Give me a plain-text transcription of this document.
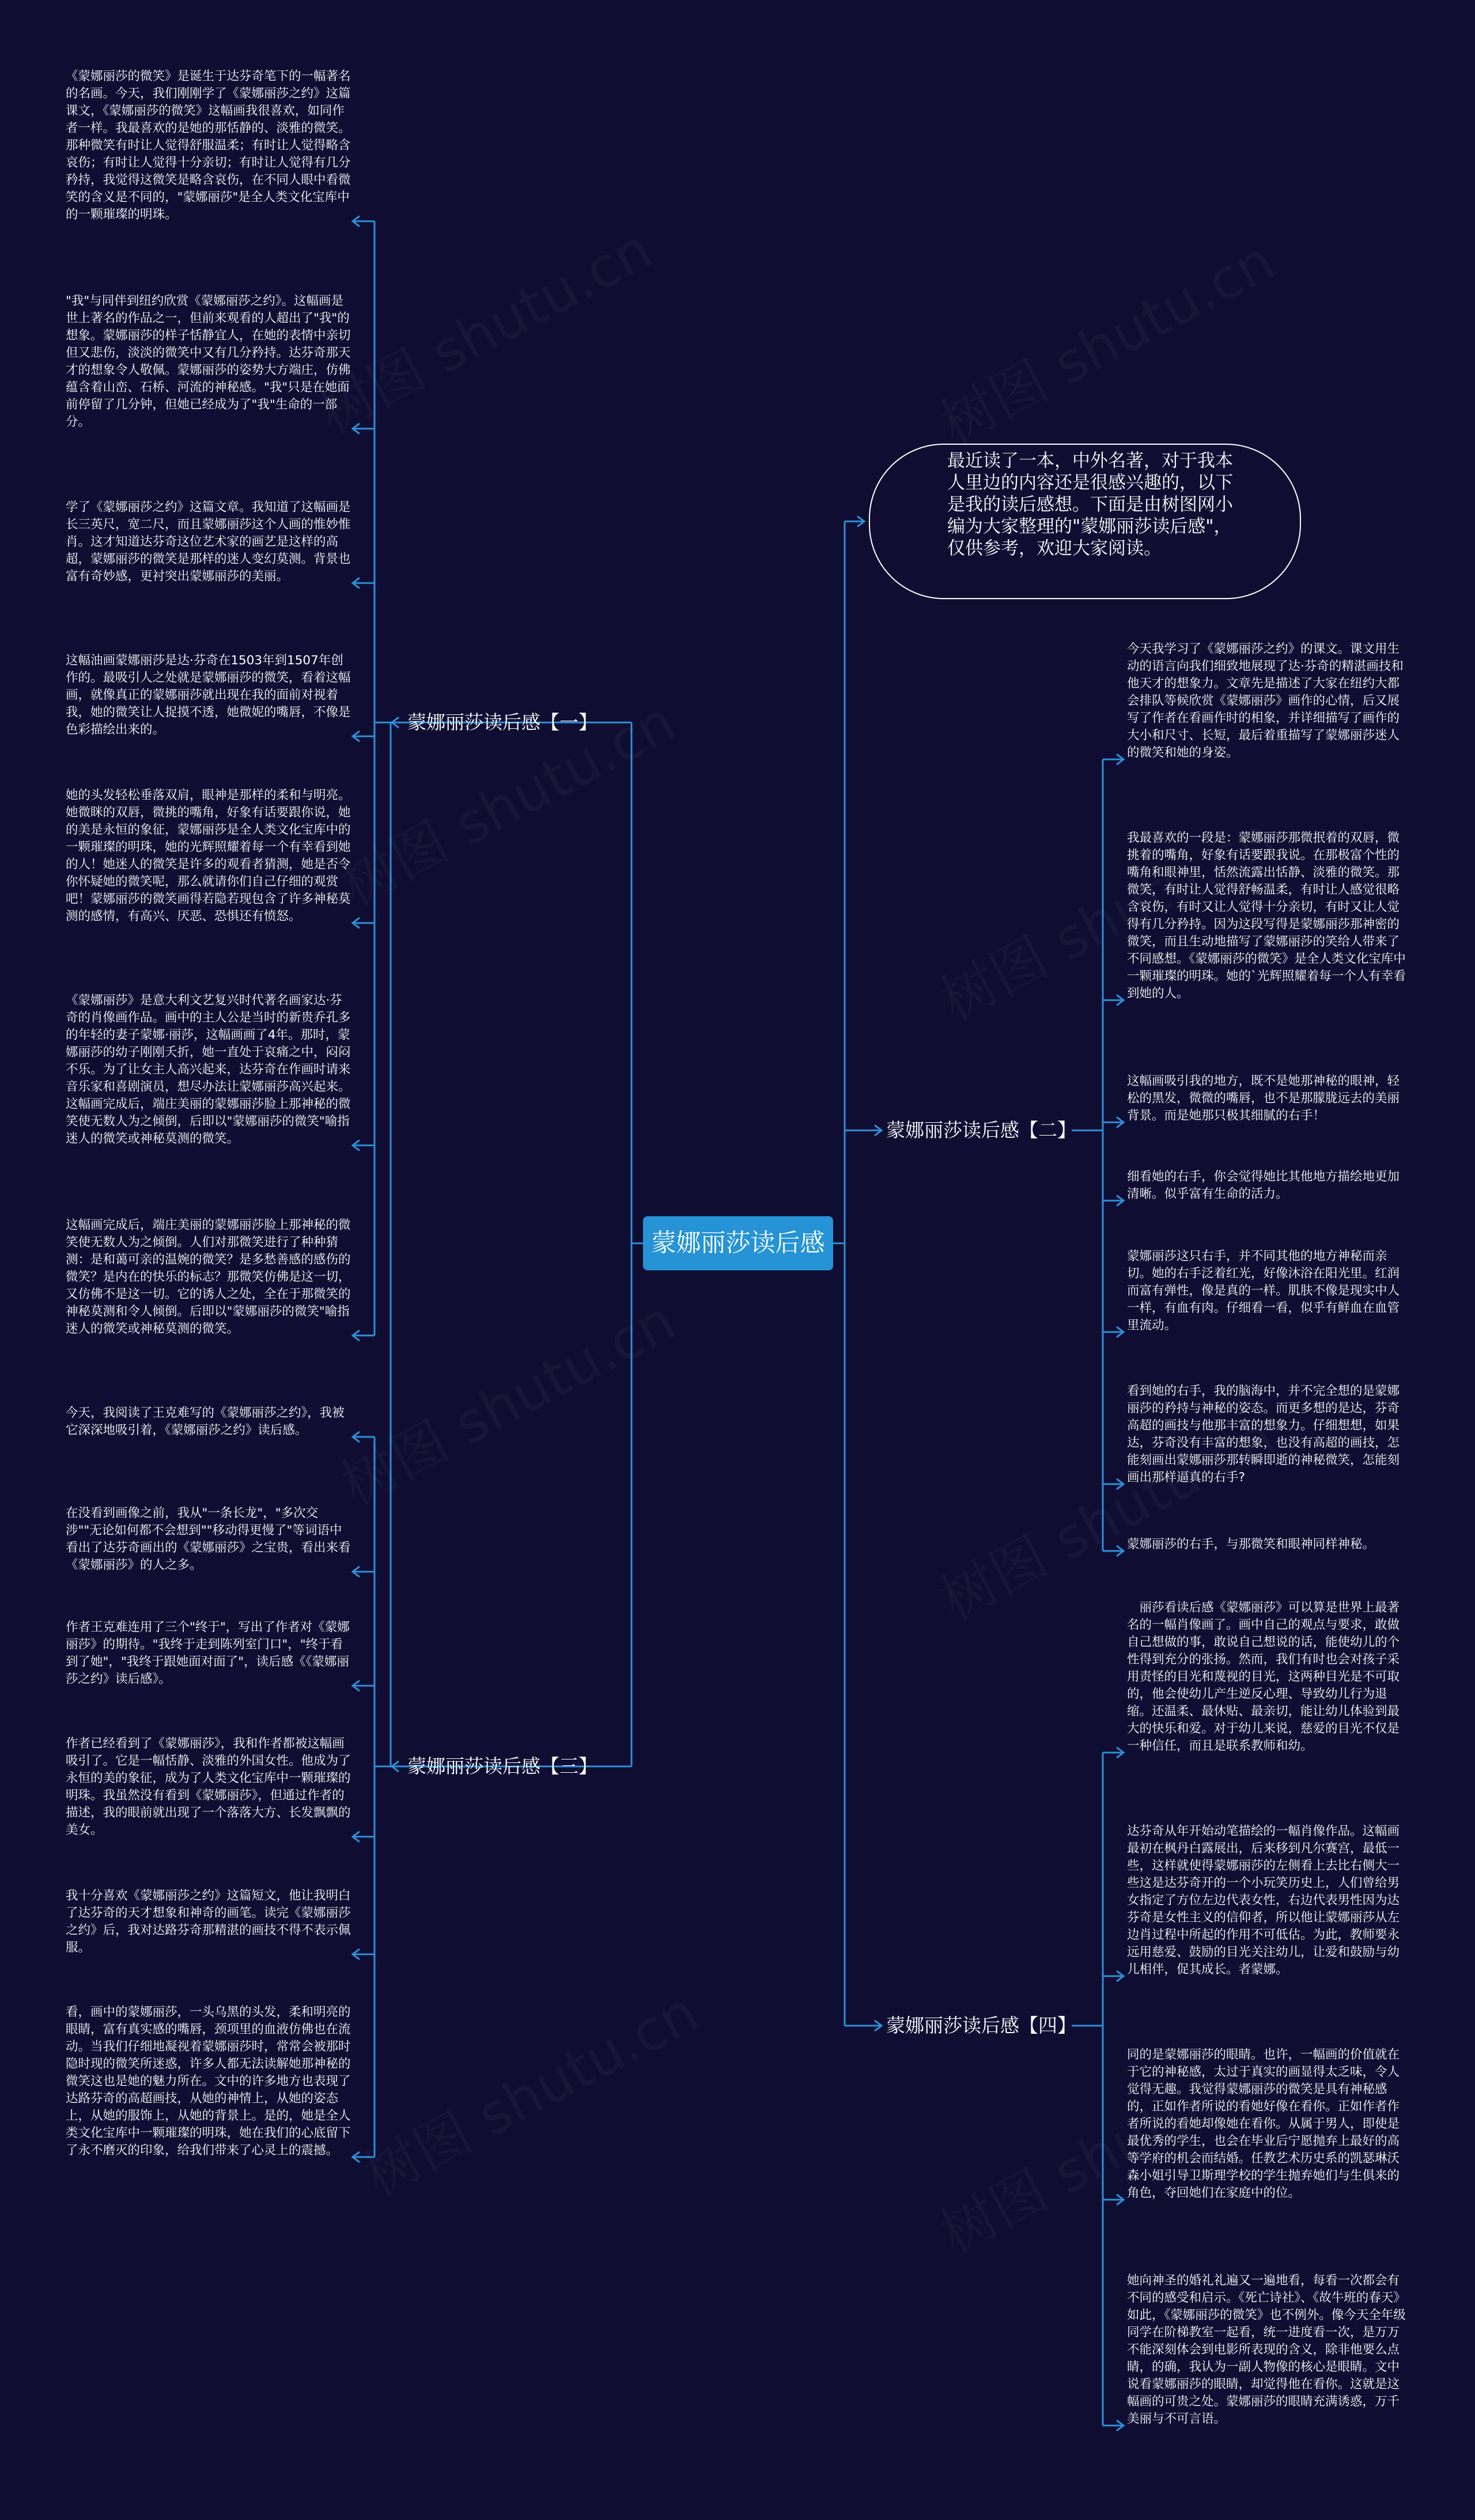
最近读了一本，中外名著，对于我本人里边的内容还是很感兴趣的，以下是我的读后感想。下面是由树图网小编为大家整理的"蒙娜丽莎读后感"，仅供参考，欢迎大家阅读。

蒙娜丽莎读后感

蒙娜丽莎读后感【一】

蒙娜丽莎读后感【二】

蒙娜丽莎读后感【三】

蒙娜丽莎读后感【四】

《蒙娜丽莎的微笑》是诞生于达芬奇笔下的一幅著名的名画。今天，我们刚刚学了《蒙娜丽莎之约》这篇课文，《蒙娜丽莎的微笑》这幅画我很喜欢，如同作者一样。我最喜欢的是她的那恬静的、淡雅的微笑。那种微笑有时让人觉得舒服温柔；有时让人觉得略含哀伤；有时让人觉得十分亲切；有时让人觉得有几分矜持，我觉得这微笑是略含哀伤，在不同人眼中看微笑的含义是不同的，"蒙娜丽莎"是全人类文化宝库中的一颗璀璨的明珠。

"我"与同伴到纽约欣赏《蒙娜丽莎之约》。这幅画是世上著名的作品之一，但前来观看的人超出了"我"的想象。蒙娜丽莎的样子恬静宜人，在她的表情中亲切但又悲伤，淡淡的微笑中又有几分矜持。达芬奇那天才的想象令人敬佩。蒙娜丽莎的姿势大方端庄，仿佛蕴含着山峦、石桥、河流的神秘感。"我"只是在她面前停留了几分钟，但她已经成为了"我"生命的一部分。

学了《蒙娜丽莎之约》这篇文章。我知道了这幅画是长三英尺，宽二尺，而且蒙娜丽莎这个人画的惟妙惟肖。这才知道达芬奇这位艺术家的画艺是这样的高超，蒙娜丽莎的微笑是那样的迷人变幻莫测。背景也富有奇妙感，更衬突出蒙娜丽莎的美丽。

这幅油画蒙娜丽莎是达·芬奇在1503年到1507年创作的。最吸引人之处就是蒙娜丽莎的微笑，看着这幅画，就像真正的蒙娜丽莎就出现在我的面前对视着我，她的微笑让人捉摸不透，她微妮的嘴唇，不像是色彩描绘出来的。

她的头发轻松垂落双肩，眼神是那样的柔和与明亮。她微眯的双唇，微挑的嘴角，好象有话要跟你说，她的美是永恒的象征，蒙娜丽莎是全人类文化宝库中的一颗璀璨的明珠，她的光辉照耀着每一个有幸看到她的人！她迷人的微笑是许多的观看者猜测，她是否令你怀疑她的微笑呢，那么就请你们自己仔细的观赏吧！蒙娜丽莎的微笑画得若隐若现包含了许多神秘莫测的感情，有高兴、厌恶、恐惧还有愤怒。

《蒙娜丽莎》是意大利文艺复兴时代著名画家达·芬奇的肖像画作品。画中的主人公是当时的新贵乔孔多的年轻的妻子蒙娜·丽莎，这幅画画了4年。那时，蒙娜丽莎的幼子刚刚夭折，她一直处于哀痛之中，闷闷不乐。为了让女主人高兴起来，达芬奇在作画时请来音乐家和喜剧演员，想尽办法让蒙娜丽莎高兴起来。这幅画完成后，端庄美丽的蒙娜丽莎脸上那神秘的微笑使无数人为之倾倒，后即以"蒙娜丽莎的微笑"喻指迷人的微笑或神秘莫测的微笑。

这幅画完成后，端庄美丽的蒙娜丽莎脸上那神秘的微笑使无数人为之倾倒。人们对那微笑进行了种种猜测：是和蔼可亲的温婉的微笑？是多愁善感的感伤的微笑？是内在的快乐的标志？那微笑仿佛是这一切，又仿佛不是这一切。它的诱人之处，全在于那微笑的神秘莫测和令人倾倒。后即以"蒙娜丽莎的微笑"喻指迷人的微笑或神秘莫测的微笑。

今天，我阅读了王克难写的《蒙娜丽莎之约》，我被它深深地吸引着，《蒙娜丽莎之约》读后感。

在没看到画像之前，我从"一条长龙"，"多次交涉""无论如何都不会想到""移动得更慢了"等词语中看出了达芬奇画出的《蒙娜丽莎》之宝贵，看出来看《蒙娜丽莎》的人之多。

作者王克难连用了三个"终于"，写出了作者对《蒙娜丽莎》的期待。"我终于走到陈列室门口"，"终于看到了她"，"我终于跟她面对面了"，读后感《《蒙娜丽莎之约》读后感》。

作者已经看到了《蒙娜丽莎》，我和作者都被这幅画吸引了。它是一幅恬静、淡雅的外国女性。他成为了永恒的美的象征，成为了人类文化宝库中一颗璀璨的明珠。我虽然没有看到《蒙娜丽莎》，但通过作者的描述，我的眼前就出现了一个落落大方、长发飘飘的美女。

我十分喜欢《蒙娜丽莎之约》这篇短文，他让我明白了达芬奇的天才想象和神奇的画笔。读完《蒙娜丽莎之约》后，我对达路芬奇那精湛的画技不得不表示佩服。

看，画中的蒙娜丽莎，一头乌黑的头发，柔和明亮的眼睛，富有真实感的嘴唇，颈项里的血液仿佛也在流动。当我们仔细地凝视着蒙娜丽莎时，常常会被那时隐时现的微笑所迷惑，许多人都无法读解她那神秘的微笑这也是她的魅力所在。文中的许多地方也表现了达路芬奇的高超画技，从她的神情上，从她的姿态上，从她的服饰上，从她的背景上。是的，她是全人类文化宝库中一颗璀璨的明珠，她在我们的心底留下了永不磨灭的印象，给我们带来了心灵上的震撼。

今天我学习了《蒙娜丽莎之约》的课文。课文用生动的语言向我们细致地展现了达·芬奇的精湛画技和他天才的想象力。文章先是描述了大家在纽约大都会排队等候欣赏《蒙娜丽莎》画作的心情，后又展写了作者在看画作时的相象，并详细描写了画作的大小和尺寸、长短，最后着重描写了蒙娜丽莎迷人的微笑和她的身姿。

我最喜欢的一段是：蒙娜丽莎那微抿着的双唇，微挑着的嘴角，好象有话要跟我说。在那极富个性的嘴角和眼神里，恬然流露出恬静、淡雅的微笑。那微笑，有时让人觉得舒畅温柔，有时让人感觉很略含哀伤，有时又让人觉得十分亲切，有时又让人觉得有几分矜持。因为这段写得是蒙娜丽莎那神密的微笑，而且生动地描写了蒙娜丽莎的笑给人带来了不同感想。《蒙娜丽莎的微笑》是全人类文化宝库中一颗璀璨的明珠。她的`光辉照耀着每一个人有幸看到她的人。

这幅画吸引我的地方，既不是她那神秘的眼神，轻松的黑发，微微的嘴唇，也不是那朦胧远去的美丽背景。而是她那只极其细腻的右手！

细看她的右手，你会觉得她比其他地方描绘地更加清晰。似乎富有生命的活力。

蒙娜丽莎这只右手，并不同其他的地方神秘而亲切。她的右手泛着红光，好像沐浴在阳光里。红润而富有弹性，像是真的一样。肌肤不像是现实中人一样，有血有肉。仔细看一看，似乎有鲜血在血管里流动。

看到她的右手，我的脑海中，并不完全想的是蒙娜丽莎的矜持与神秘的姿态。而更多想的是达，芬奇高超的画技与他那丰富的想象力。仔细想想，如果达，芬奇没有丰富的想象，也没有高超的画技，怎能刻画出蒙娜丽莎那转瞬即逝的神秘微笑，怎能刻画出那样逼真的右手?

蒙娜丽莎的右手，与那微笑和眼神同样神秘。

　丽莎看读后感《蒙娜丽莎》可以算是世界上最著名的一幅肖像画了。画中自己的观点与要求，敢做自己想做的事，敢说自己想说的话，能使幼儿的个性得到充分的张扬。然而，我们有时也会对孩子采用责怪的目光和蔑视的目光，这两种目光是不可取的，他会使幼儿产生逆反心理、导致幼儿行为退缩。还温柔、最休贴、最亲切，能让幼儿体验到最大的快乐和爱。对于幼儿来说，慈爱的目光不仅是一种信任，而且是联系教师和幼。

达芬奇从年开始动笔描绘的一幅肖像作品。这幅画最初在枫丹白露展出，后来移到凡尔赛宫，最低一些，这样就使得蒙娜丽莎的左侧看上去比右侧大一些这是达芬奇开的一个小玩笑历史上，人们曾给男女指定了方位左边代表女性，右边代表男性因为达芬奇是女性主义的信仰者，所以他让蒙娜丽莎从左边肖过程中所起的作用不可低估。为此，教师要永远用慈爱、鼓励的目光关注幼儿，让爱和鼓励与幼儿相伴，促其成长。者蒙娜。

同的是蒙娜丽莎的眼睛。也许，一幅画的价值就在于它的神秘感，太过于真实的画显得太乏味，令人觉得无趣。我觉得蒙娜丽莎的微笑是具有神秘感的，正如作者所说的看她好像在看你。正如作者作者所说的看她却像她在看你。从属于男人，即使是最优秀的学生，也会在毕业后宁愿抛弃上最好的高等学府的机会而结婚。任教艺术历史系的凯瑟琳沃森小姐引导卫斯理学校的学生抛弃她们与生俱来的角色，夺回她们在家庭中的位。

她向神圣的婚礼礼遍又一遍地看，每看一次都会有不同的感受和启示。《死亡诗社》、《故牛班的春天》如此，《蒙娜丽莎的微笑》也不例外。像今天全年级同学在阶梯教室一起看，统一进度看一次，是万万不能深刻体会到电影所表现的含义，除非他要么点睛，的确，我认为一副人物像的核心是眼睛。文中说看蒙娜丽莎的眼睛，却觉得他在看你。这就是这幅画的可贵之处。蒙娜丽莎的眼睛充满诱惑，万千美丽与不可言语。
